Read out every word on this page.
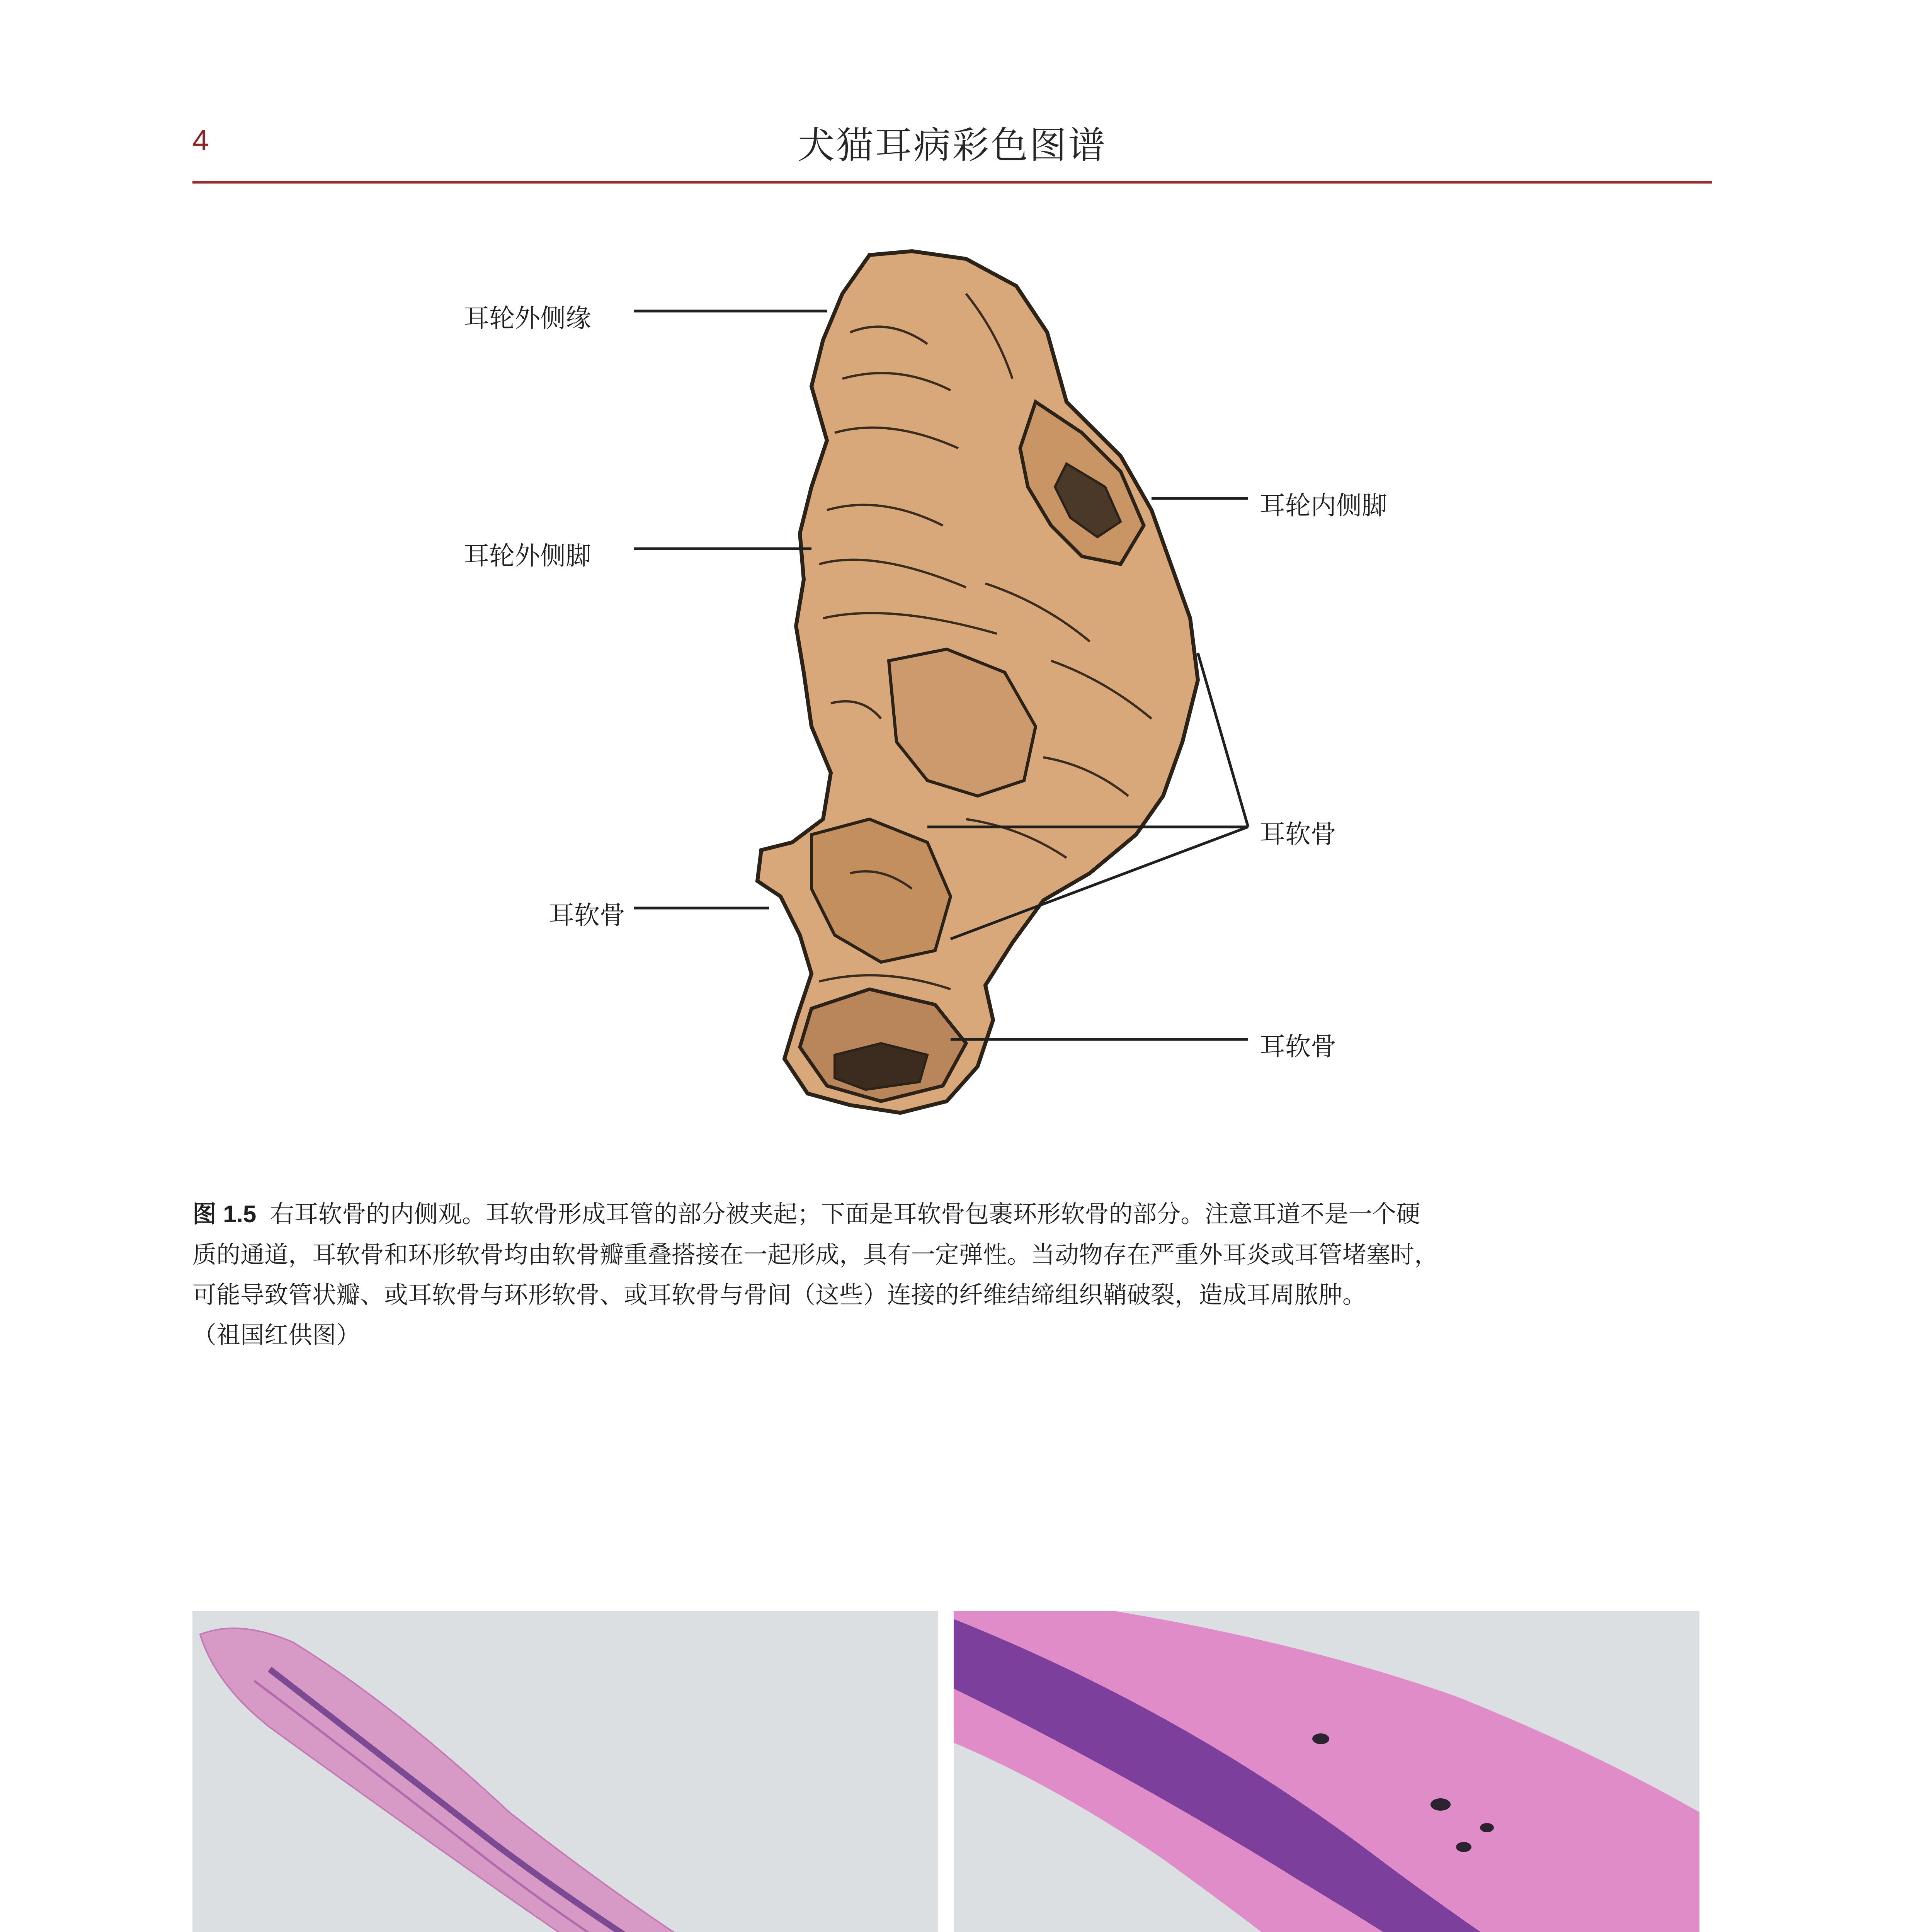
4	犬猫耳病彩色图谱
耳轮外侧缘
耳轮外侧脚
耳软骨
耳轮内侧脚
耳软骨
耳软骨
图 1.5 右耳软骨的内侧观。耳软骨形成耳管的部分被夹起；下面是耳软骨包裹环形软骨的部分。注意耳道不是一个硬
质的通道，耳软骨和环形软骨均由软骨瓣重叠搭接在一起形成，具有一定弹性。当动物存在严重外耳炎或耳管堵塞时，
可能导致管状瓣、或耳软骨与环形软骨、或耳软骨与骨间（这些）连接的纤维结缔组织鞘破裂，造成耳周脓肿。
（祖国红供图）
